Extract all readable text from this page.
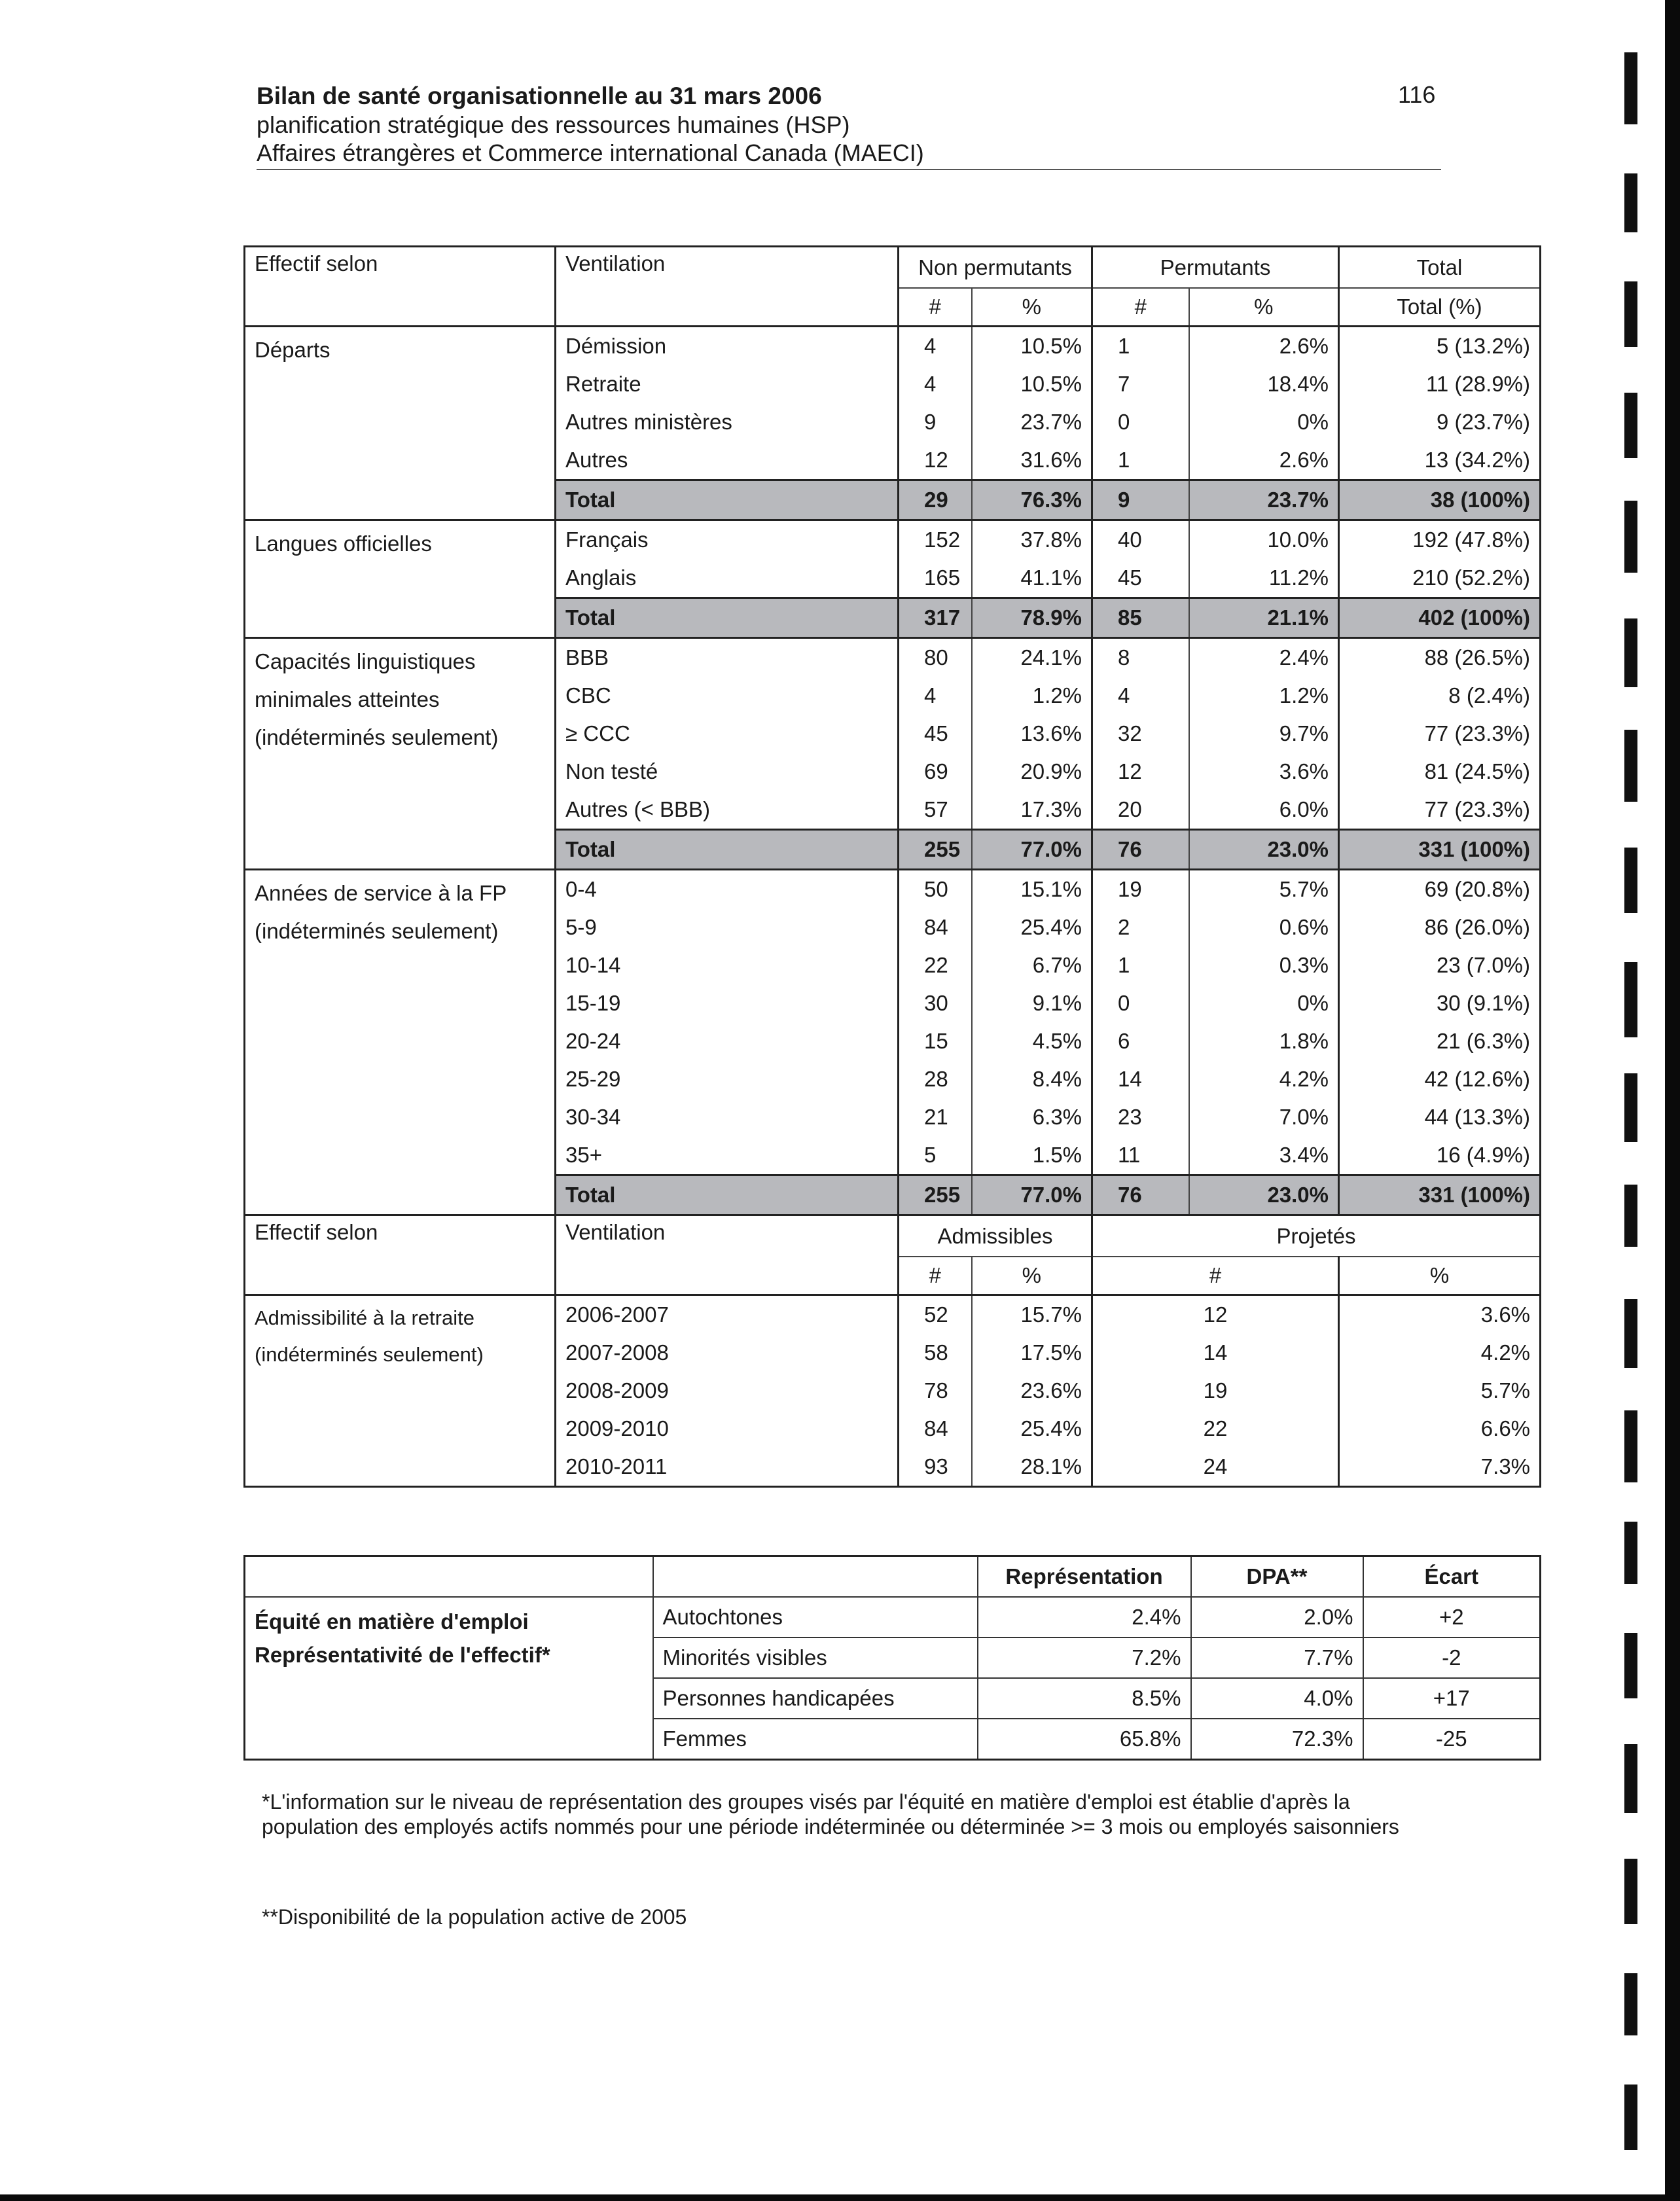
Bilan de santé organisationnelle au 31 mars 2006
planification stratégique des ressources humaines (HSP)
Affaires étrangères et Commerce international Canada (MAECI)
116
Effectif selon	Ventilation	Non permutants		Permutants		Total
		#	%	#	%	Total (%)

Départs	Démission	4	10.5%	1	2.6%	5 (13.2%)
	Retraite	4	10.5%	7	18.4%	11 (28.9%)
	Autres ministères	9	23.7%	0	0%	9 (23.7%)
	Autres	12	31.6%	1	2.6%	13 (34.2%)
	Total	29	76.3%	9	23.7%	38 (100%)

Langues officielles	Français	152	37.8%	40	10.0%	192 (47.8%)
	Anglais	165	41.1%	45	11.2%	210 (52.2%)
	Total	317	78.9%	85	21.1%	402 (100%)

Capacités linguistiques
minimales atteintes
(indéterminés seulement)	BBB	80	24.1%	8	2.4%	88 (26.5%)
	CBC	4	1.2%	4	1.2%	8 (2.4%)
	≥ CCC	45	13.6%	32	9.7%	77 (23.3%)
	Non testé	69	20.9%	12	3.6%	81 (24.5%)
	Autres (< BBB)	57	17.3%	20	6.0%	77 (23.3%)
	Total	255	77.0%	76	23.0%	331 (100%)

Années de service à la FP
(indéterminés seulement)	0-4	50	15.1%	19	5.7%	69 (20.8%)
	5-9	84	25.4%	2	0.6%	86 (26.0%)
	10-14	22	6.7%	1	0.3%	23 (7.0%)
	15-19	30	9.1%	0	0%	30 (9.1%)
	20-24	15	4.5%	6	1.8%	21 (6.3%)
	25-29	28	8.4%	14	4.2%	42 (12.6%)
	30-34	21	6.3%	23	7.0%	44 (13.3%)
	35+	5	1.5%	11	3.4%	16 (4.9%)
	Total	255	77.0%	76	23.0%	331 (100%)
Effectif selon	Ventilation	Admissibles		Projetés		
		#	%	#		%

Admissibilité à la retraite
(indéterminés seulement)	2006-2007	52	15.7%	12		3.6%
	2007-2008	58	17.5%	14		4.2%
	2008-2009	78	23.6%	19		5.7%
	2009-2010	84	25.4%	22		6.6%
	2010-2011	93	28.1%	24		7.3%
		Représentation	DPA**	Écart

Équité en matière d'emploi
Représentativité de l'effectif*	Autochtones	2.4%	2.0%	+2
	Minorités visibles	7.2%	7.7%	-2
	Personnes handicapées	8.5%	4.0%	+17
	Femmes	65.8%	72.3%	-25
*L'information sur le niveau de représentation des groupes visés par l'équité en matière d'emploi est établie d'après la population des employés actifs nommés pour une période indéterminée ou déterminée >= 3 mois ou employés saisonniers
**Disponibilité de la population active de 2005
